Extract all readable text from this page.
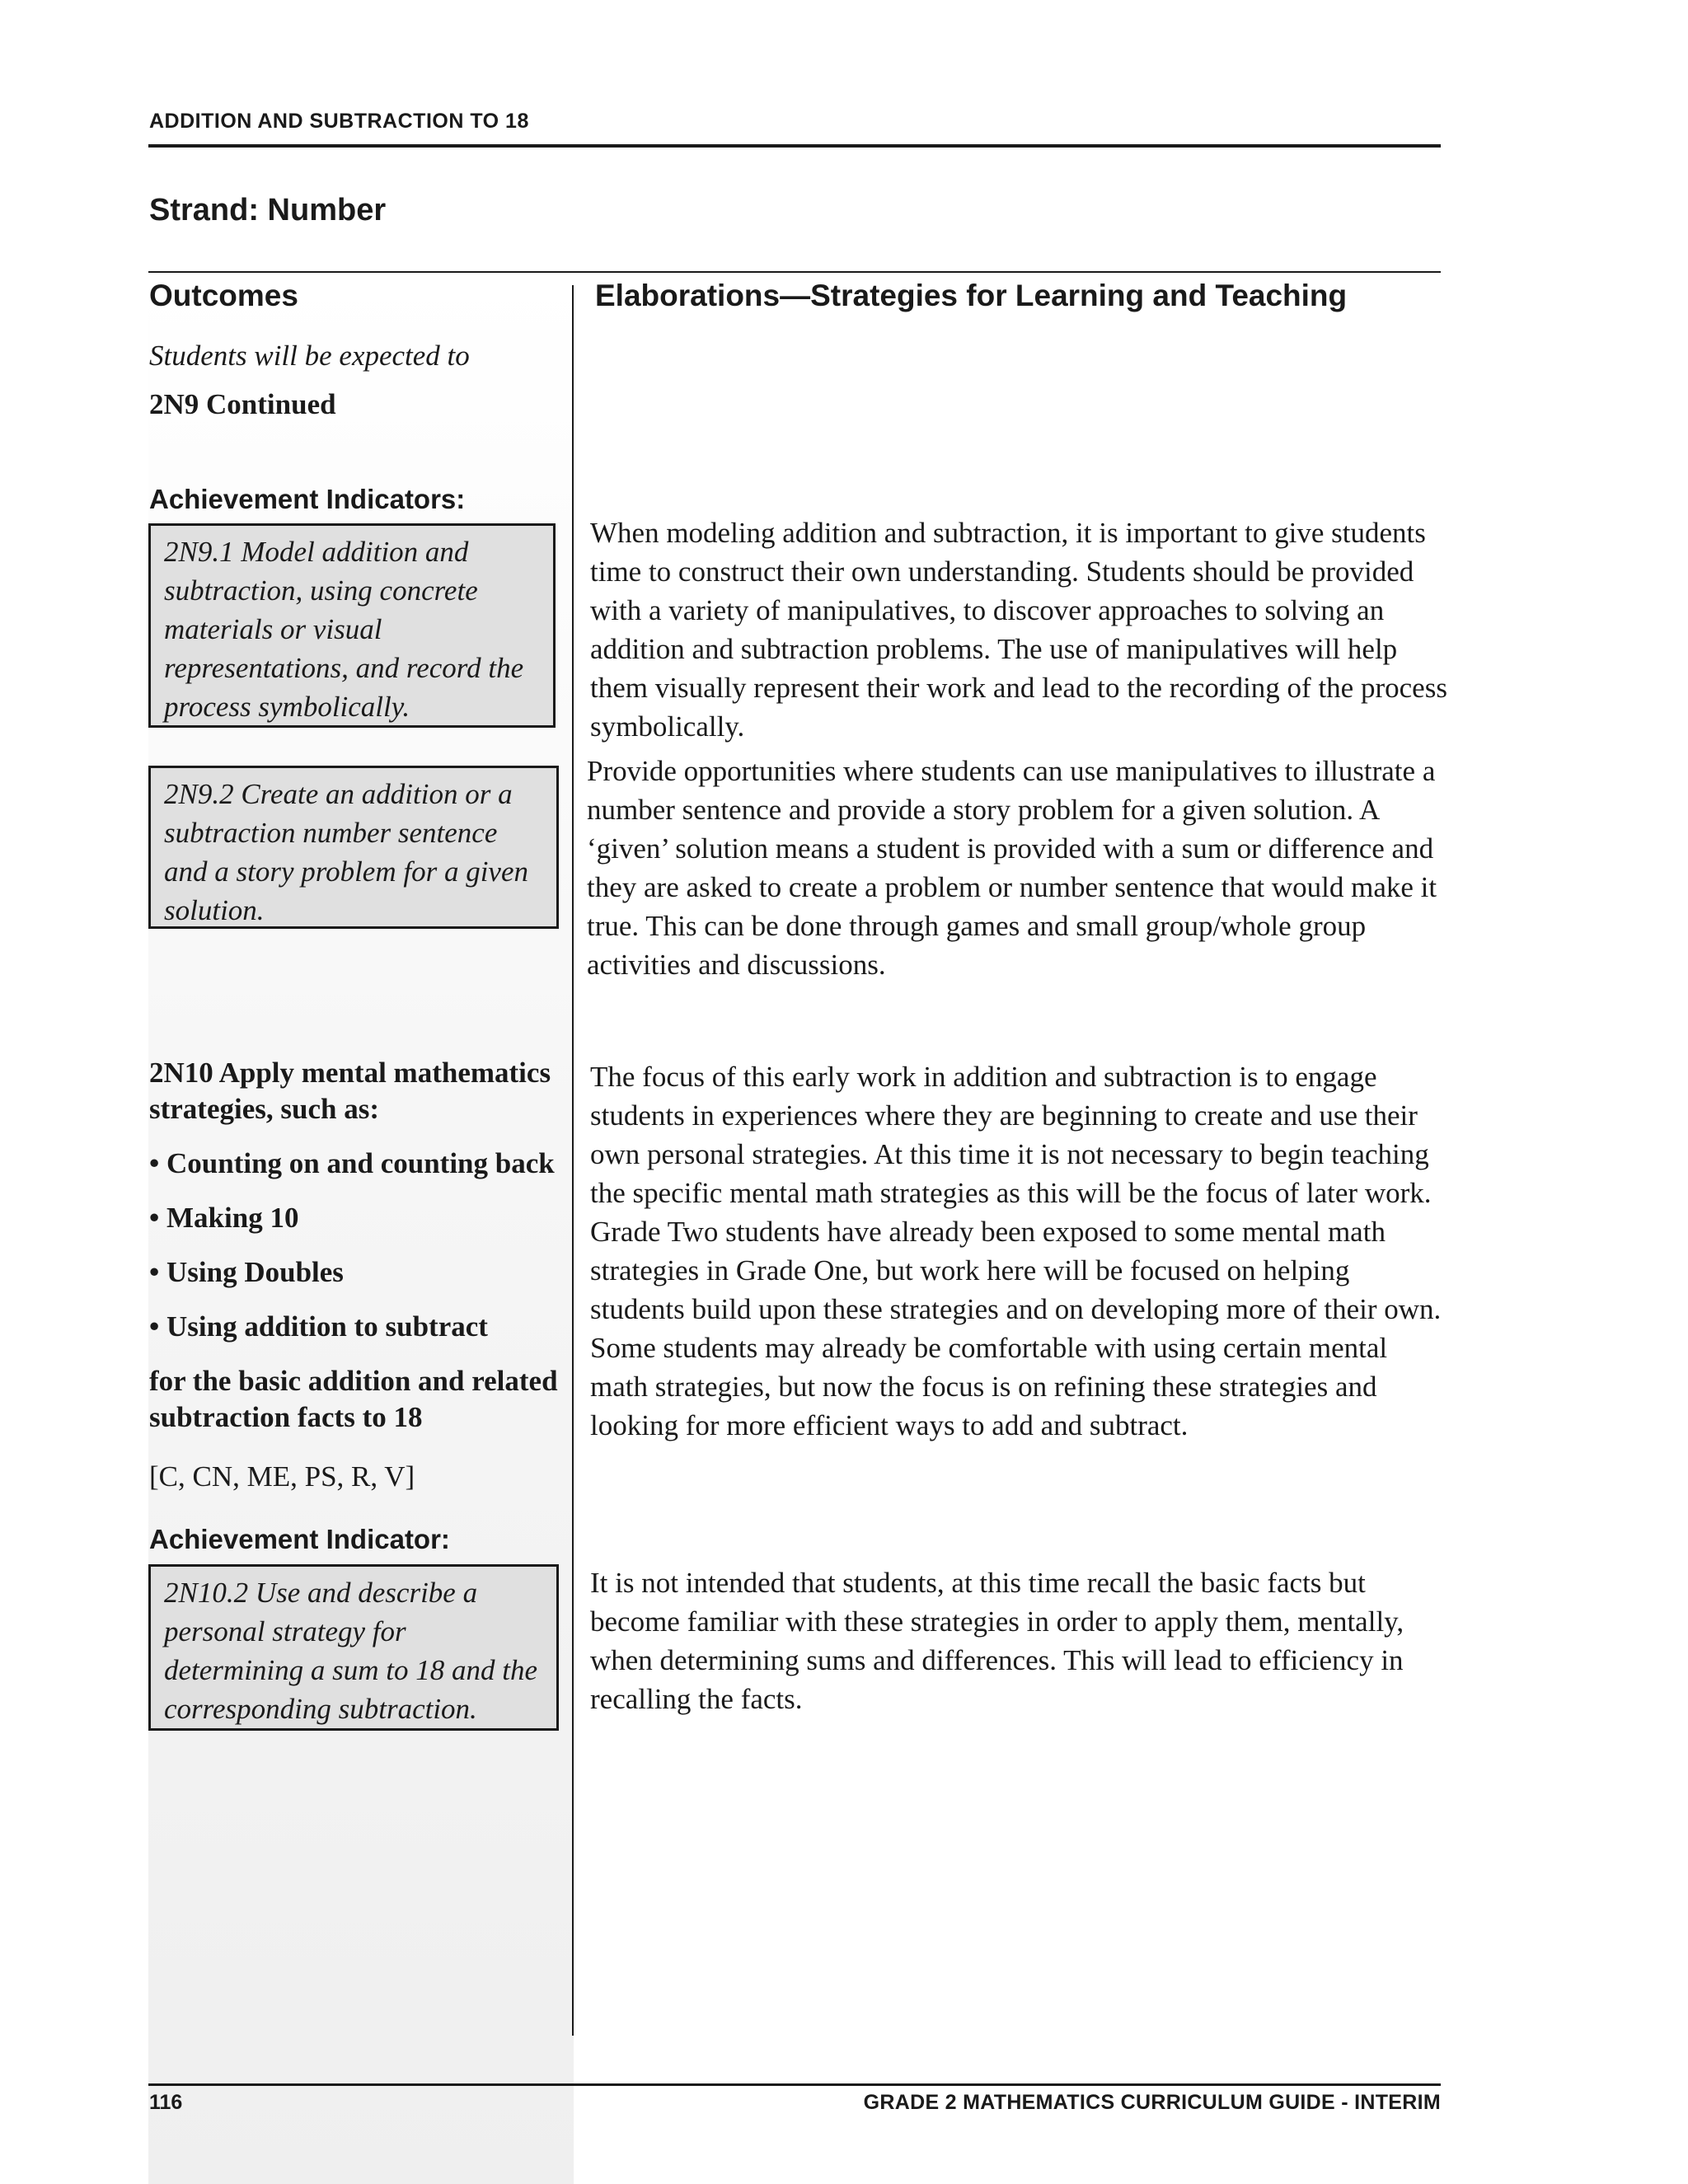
ADDITION AND SUBTRACTION TO 18
Strand: Number
Outcomes	Elaborations—Strategies for Learning and Teaching
Students will be expected to
2N9 Continued
Achievement Indicators:
2N9.1 Model addition and subtraction, using concrete materials or visual representations, and record the process symbolically.
2N9.2 Create an addition or a subtraction number sentence and a story problem for a given solution.

2N10 Apply mental mathematics strategies, such as:

• Counting on and counting back

• Making 10

• Using Doubles

• Using addition to subtract

for the basic addition and related subtraction facts to 18

[C, CN, ME, PS, R, V]
Achievement Indicator:
2N10.2 Use and describe a personal strategy for determining a sum to 18 and the corresponding subtraction.
When modeling addition and subtraction, it is important to give students time to construct their own understanding. Students should be provided with a variety of manipulatives, to discover approaches to solving an addition and subtraction problems. The use of manipulatives will help them visually represent their work and lead to the recording of the process symbolically.
Provide opportunities where students can use manipulatives to illustrate a number sentence and provide a story problem for a given solution. A ‘given’ solution means a student is provided with a sum or difference and they are asked to create a problem or number sentence that would make it true. This can be done through games and small group/whole group activities and discussions.
The focus of this early work in addition and subtraction is to engage students in experiences where they are beginning to create and use their own personal strategies. At this time it is not necessary to begin teaching the specific mental math strategies as this will be the focus of later work. Grade Two students have already been exposed to some mental math strategies in Grade One, but work here will be focused on helping students build upon these strategies and on developing more of their own. Some students may already be comfortable with using certain mental math strategies, but now the focus is on refining these strategies and looking for more efficient ways to add and subtract.
It is not intended that students, at this time recall the basic facts but become familiar with these strategies in order to apply them, mentally, when determining sums and differences. This will lead to efficiency in recalling the facts.
116	GRADE 2 MATHEMATICS CURRICULUM GUIDE - INTERIM
